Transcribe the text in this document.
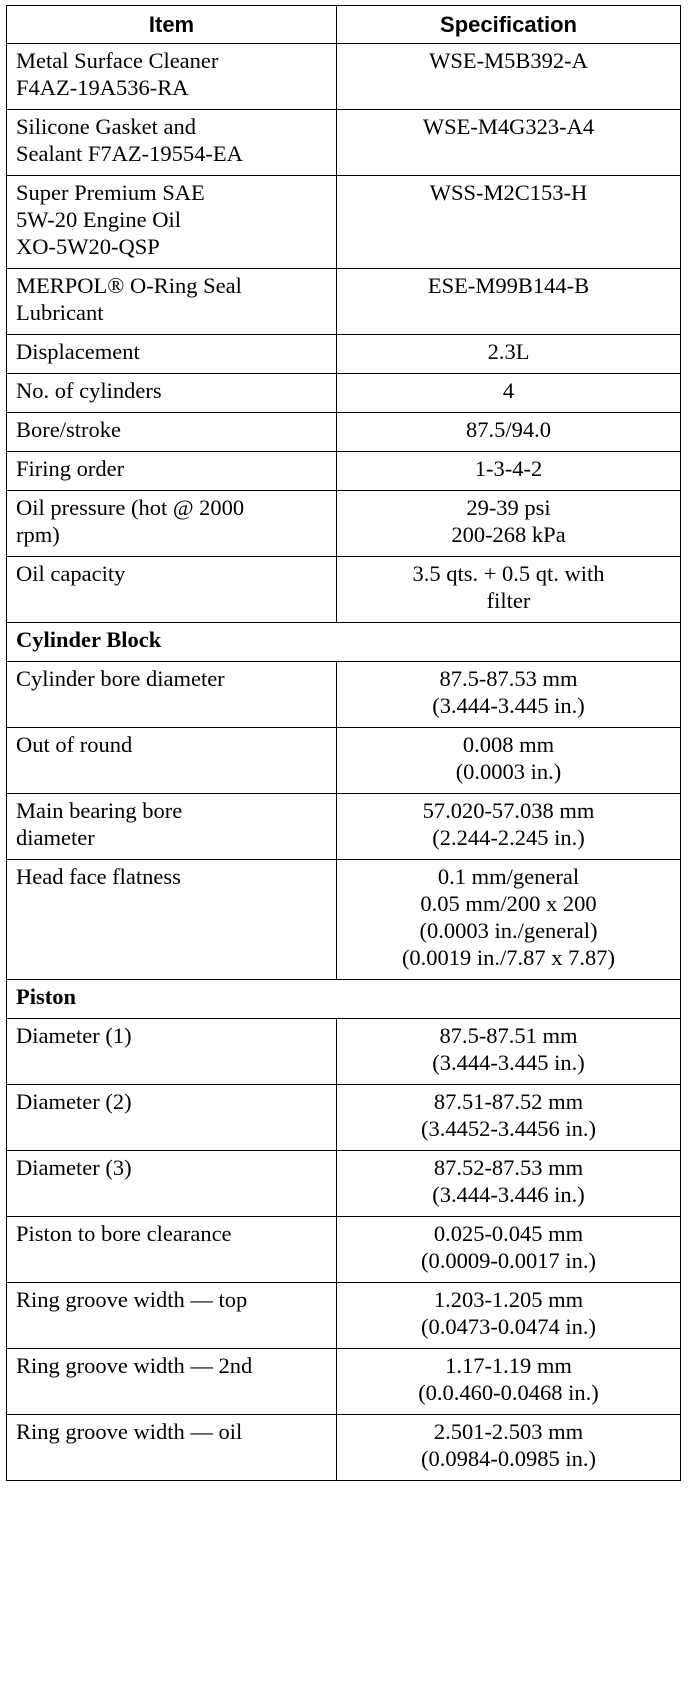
Item	Specification

Metal Surface Cleaner
F4AZ-19A536-RA	WSE-M5B392-A

Silicone Gasket and
Sealant F7AZ-19554-EA	WSE-M4G323-A4

Super Premium SAE
5W-20 Engine Oil
XO-5W20-QSP	WSS-M2C153-H

MERPOL® O-Ring Seal
Lubricant	ESE-M99B144-B

Displacement	2.3L

No. of cylinders	4

Bore/stroke	87.5/94.0

Firing order	1-3-4-2

Oil pressure (hot @ 2000
rpm)	29-39 psi
200-268 kPa

Oil capacity	3.5 qts. + 0.5 qt. with
filter

Cylinder Block	

Cylinder bore diameter	87.5-87.53 mm
(3.444-3.445 in.)

Out of round	0.008 mm
(0.0003 in.)

Main bearing bore
diameter	57.020-57.038 mm
(2.244-2.245 in.)

Head face flatness	0.1 mm/general
0.05 mm/200 x 200
(0.0003 in./general)
(0.0019 in./7.87 x 7.87)

Piston	

Diameter (1)	87.5-87.51 mm
(3.444-3.445 in.)

Diameter (2)	87.51-87.52 mm
(3.4452-3.4456 in.)

Diameter (3)	87.52-87.53 mm
(3.444-3.446 in.)

Piston to bore clearance	0.025-0.045 mm
(0.0009-0.0017 in.)

Ring groove width — top	1.203-1.205 mm
(0.0473-0.0474 in.)

Ring groove width — 2nd	1.17-1.19 mm
(0.0.460-0.0468 in.)

Ring groove width — oil	2.501-2.503 mm
(0.0984-0.0985 in.)
